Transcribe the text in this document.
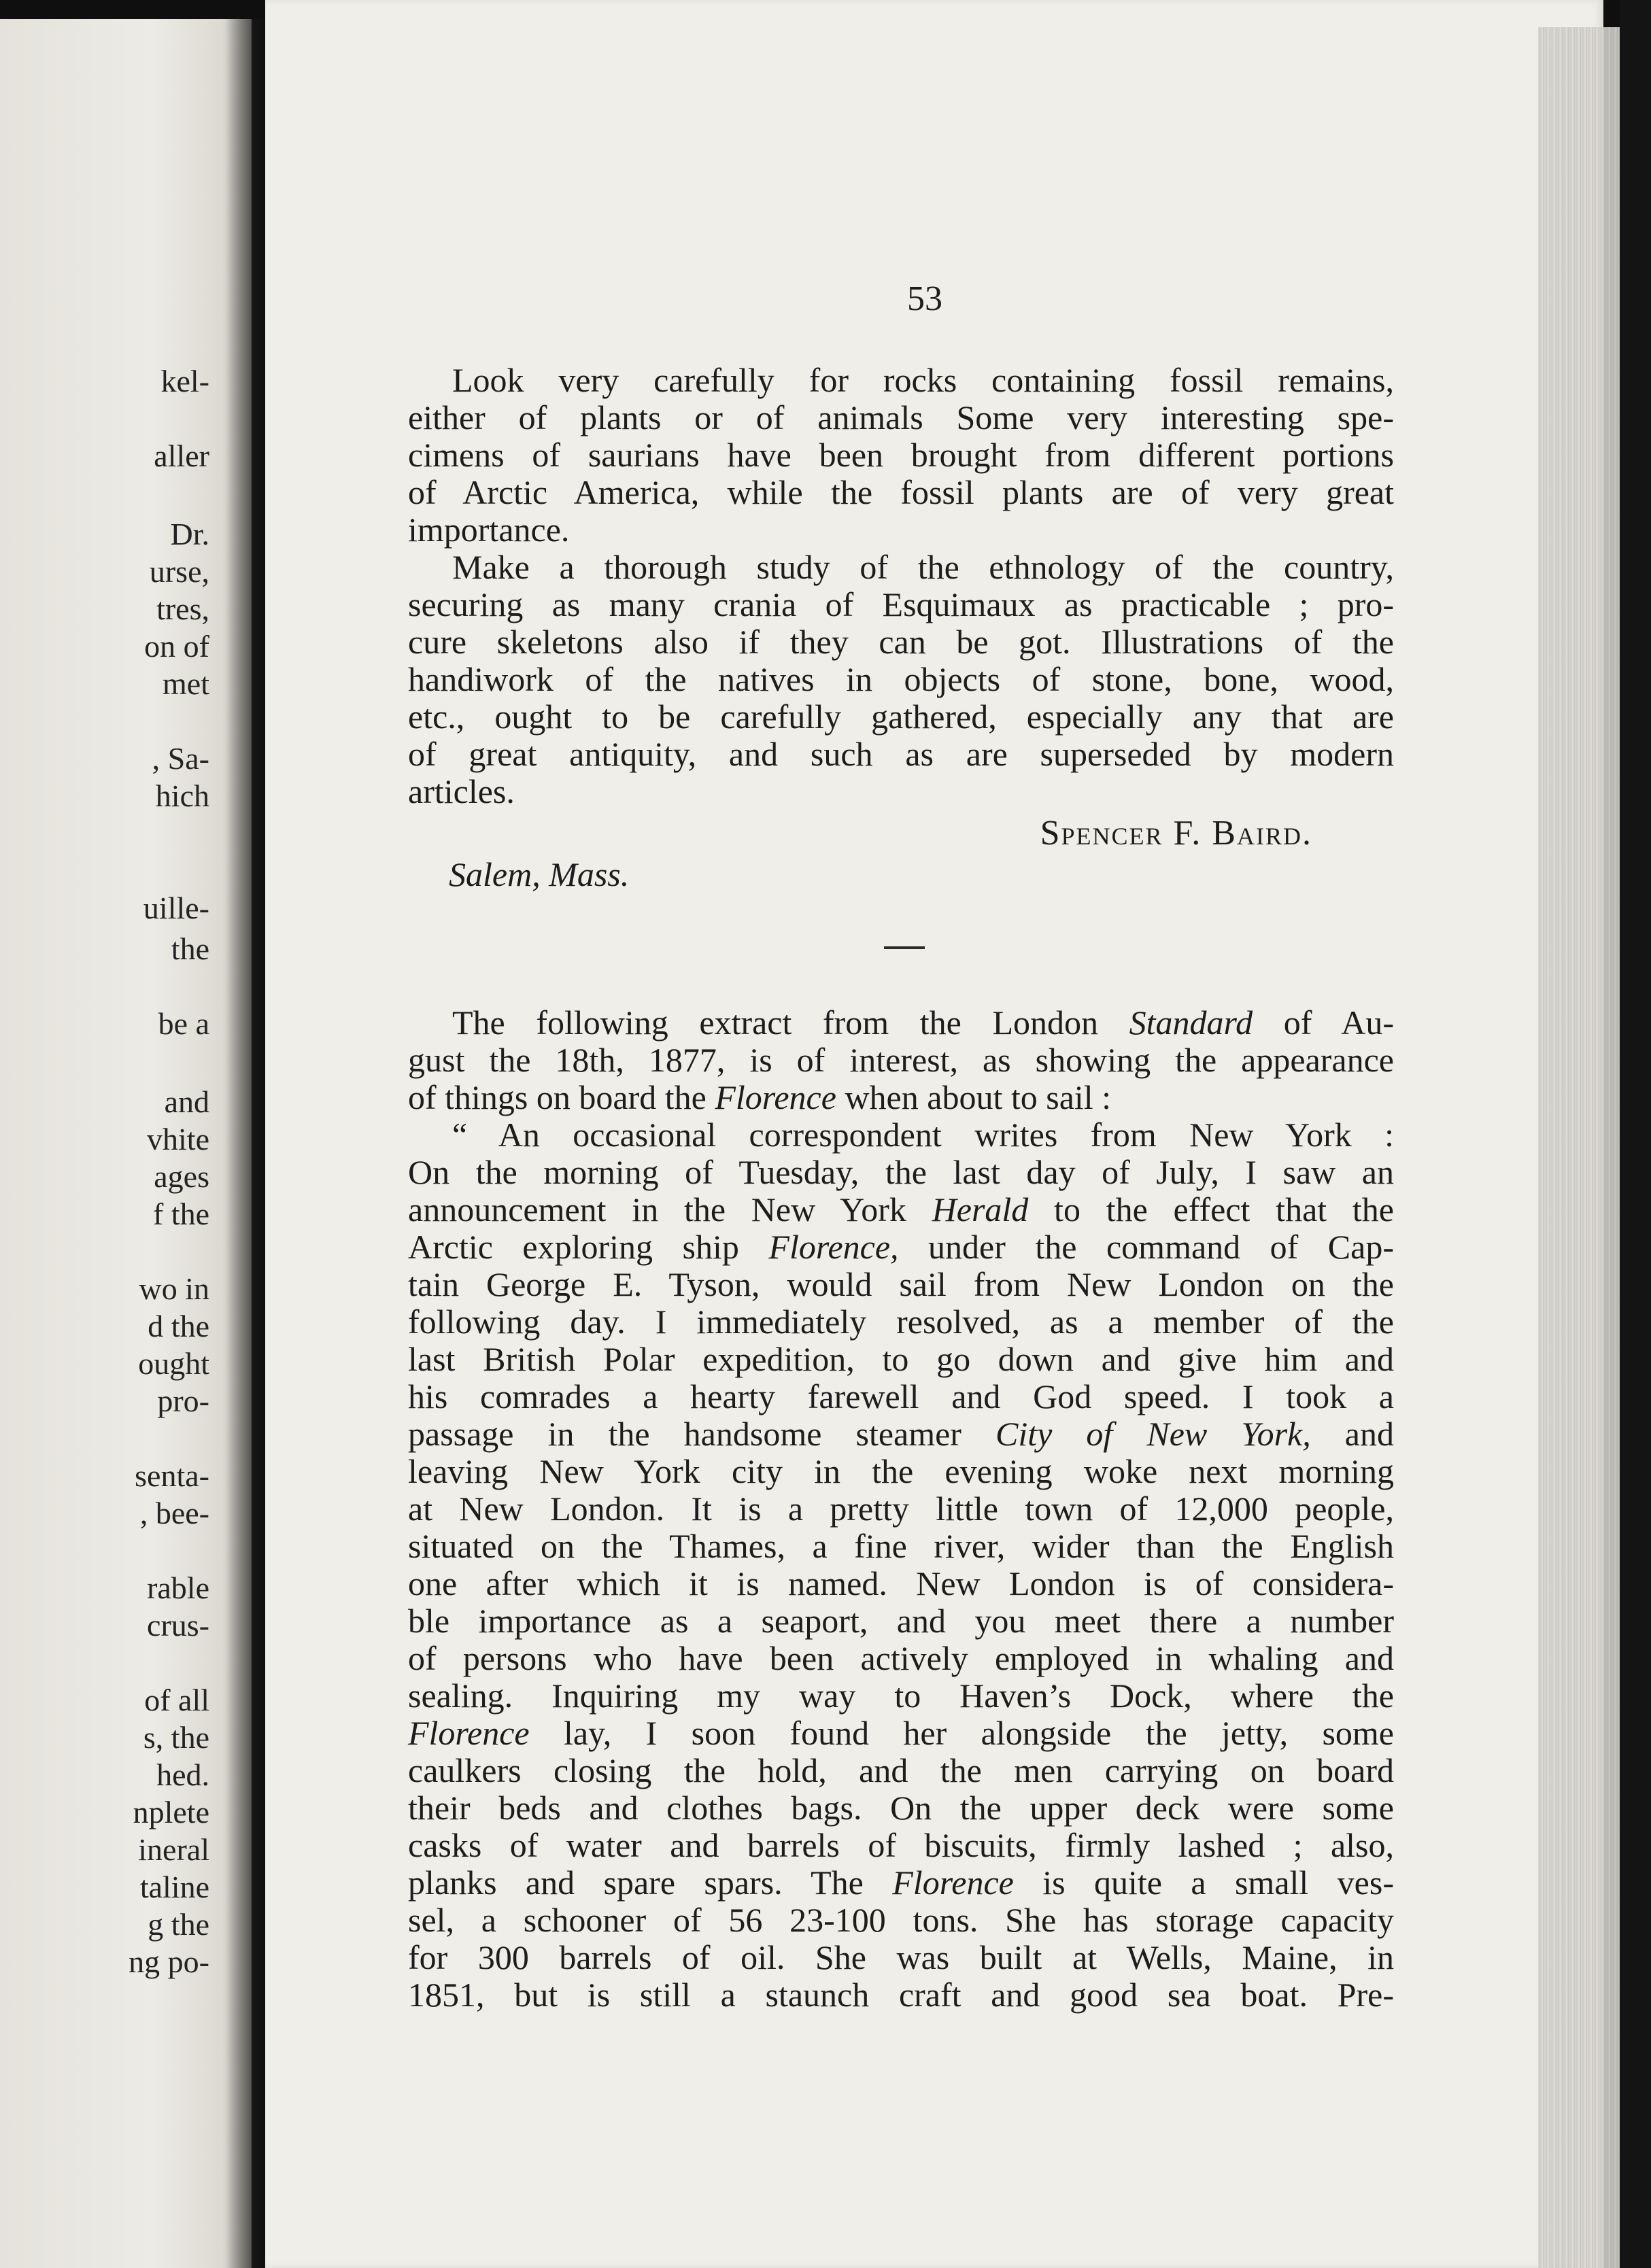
kel-
aller
Dr.
urse,
tres,
on of
met
, Sa-
hich
uille-
the
be a
and
vhite
ages
f the
wo in
d the
ought
pro-
senta-
, bee-
rable
crus-
of all
s, the
hed.
nplete
ineral
taline
g the
ng po-
53
Look very carefully for rocks containing fossil remains,
either of plants or of animals Some very interesting spe-
cimens of saurians have been brought from different portions
of Arctic America, while the fossil plants are of very great
importance.
Make a thorough study of the ethnology of the country,
securing as many crania of Esquimaux as practicable ; pro-
cure skeletons also if they can be got. Illustrations of the
handiwork of the natives in objects of stone, bone, wood,
etc., ought to be carefully gathered, especially any that are
of great antiquity, and such as are superseded by modern
articles.
Spencer F. Baird.
Salem, Mass.
The following extract from the London Standard of Au-
gust the 18th, 1877, is of interest, as showing the appearance
of things on board the Florence when about to sail :
“ An occasional correspondent writes from New York :
On the morning of Tuesday, the last day of July, I saw an
announcement in the New York Herald to the effect that the
Arctic exploring ship Florence, under the command of Cap-
tain George E. Tyson, would sail from New London on the
following day. I immediately resolved, as a member of the
last British Polar expedition, to go down and give him and
his comrades a hearty farewell and God speed. I took a
passage in the handsome steamer City of New York, and
leaving New York city in the evening woke next morning
at New London. It is a pretty little town of 12,000 people,
situated on the Thames, a fine river, wider than the English
one after which it is named. New London is of considera-
ble importance as a seaport, and you meet there a number
of persons who have been actively employed in whaling and
sealing. Inquiring my way to Haven’s Dock, where the
Florence lay, I soon found her alongside the jetty, some
caulkers closing the hold, and the men carrying on board
their beds and clothes bags. On the upper deck were some
casks of water and barrels of biscuits, firmly lashed ; also,
planks and spare spars. The Florence is quite a small ves-
sel, a schooner of 56 23-100 tons. She has storage capacity
for 300 barrels of oil. She was built at Wells, Maine, in
1851, but is still a staunch craft and good sea boat. Pre-
